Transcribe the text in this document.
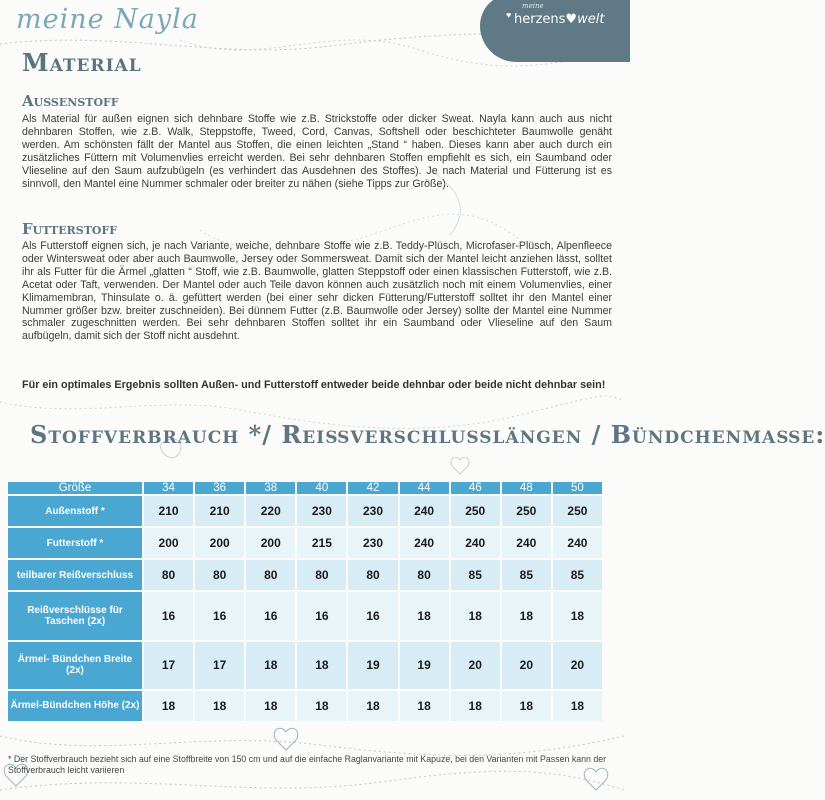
meine Nayla	meine
♥ herzens♥welt
Material
Außenstoff

Als Material für außen eignen sich dehnbare Stoffe wie z.B. Strickstoffe oder dicker Sweat. Nayla kann auch aus nicht dehnbaren Stoffen, wie z.B. Walk, Steppstoffe, Tweed, Cord, Canvas, Softshell oder beschichteter Baumwolle genäht werden. Am schönsten fällt der Mantel aus Stoffen, die einen leichten „Stand “ haben. Dieses kann aber auch durch ein zusätzliches Füttern mit Volumenvlies erreicht werden. Bei sehr dehnbaren Stoffen empfiehlt es sich, ein Saumband oder Vlieseline auf den Saum aufzubügeln (es verhindert das Ausdehnen des Stoffes). Je nach Material und Fütterung ist es sinnvoll, den Mantel eine Nummer schmaler oder breiter zu nähen (siehe Tipps zur Größe).

Futterstoff

Als Futterstoff eignen sich, je nach Variante, weiche, dehnbare Stoffe wie z.B. Teddy-Plüsch, Microfaser-Plüsch, Alpenfleece oder Wintersweat oder aber auch Baumwolle, Jersey oder Sommersweat. Damit sich der Mantel leicht anziehen lässt, solltet ihr als Futter für die Ärmel „glatten “ Stoff, wie z.B. Baumwolle, glatten Steppstoff oder einen klassischen Futterstoff, wie z.B. Acetat oder Taft, verwenden. Der Mantel oder auch Teile davon können auch zusätzlich noch mit einem Volumenvlies, einer Klimamembran, Thinsulate o. ä. gefüttert werden (bei einer sehr dicken Fütterung/Futterstoff solltet ihr den Mantel einer Nummer größer bzw. breiter zuschneiden). Bei dünnem Futter (z.B. Baumwolle oder Jersey) sollte der Mantel eine Nummer schmaler zugeschnitten werden. Bei sehr dehnbaren Stoffen solltet ihr ein Saumband oder Vlieseline auf den Saum aufbügeln, damit sich der Stoff nicht ausdehnt.

Für ein optimales Ergebnis sollten Außen- und Futterstoff entweder beide dehnbar oder beide nicht dehnbar sein!

Stoffverbrauch */ Reißverschlusslängen / Bündchenmaße:
Größe	34	36	38	40	42	44	46	48	50
Außenstoff *	210	210	220	230	230	240	250	250	250
Futterstoff *	200	200	200	215	230	240	240	240	240
teilbarer Reißverschluss	80	80	80	80	80	80	85	85	85
Reißverschlüsse für Taschen (2x)	16	16	16	16	16	18	18	18	18
Ärmel- Bündchen Breite (2x)	17	17	18	18	19	19	20	20	20
Ärmel-Bündchen Höhe (2x)	18	18	18	18	18	18	18	18	18

* Der Stoffverbrauch bezieht sich auf eine Stoffbreite von 150 cm und auf die einfache Raglanvariante mit Kapuze, bei den Varianten mit Passen kann der Stoffverbrauch leicht variieren
